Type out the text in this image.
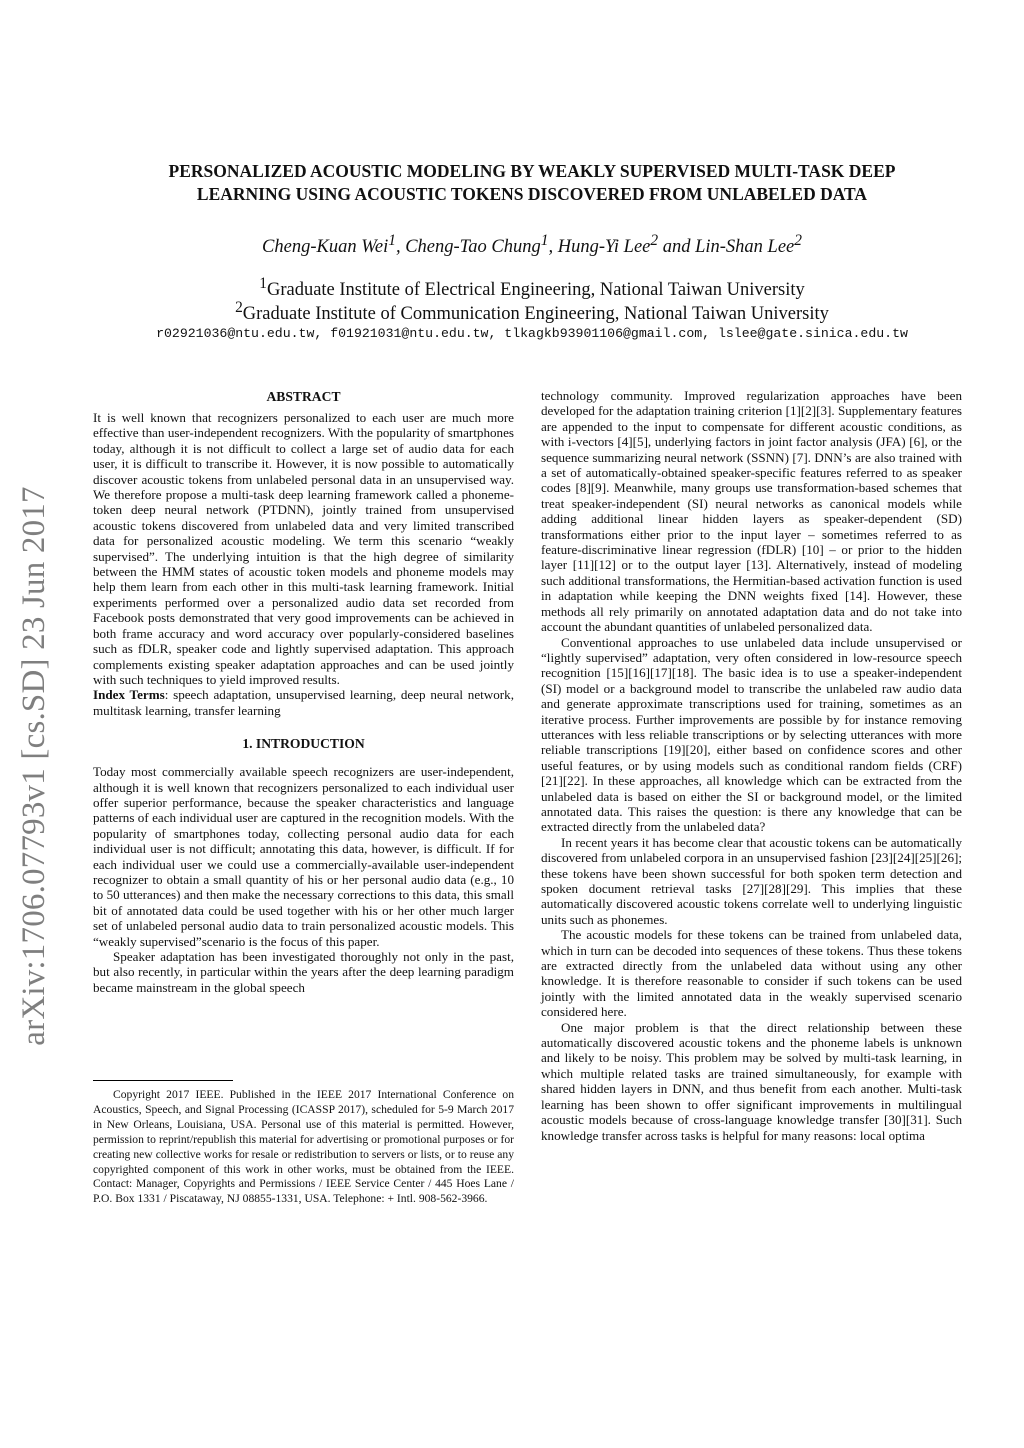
arXiv:1706.07793v1 [cs.SD] 23 Jun 2017
PERSONALIZED ACOUSTIC MODELING BY WEAKLY SUPERVISED MULTI-TASK DEEP
LEARNING USING ACOUSTIC TOKENS DISCOVERED FROM UNLABELED DATA
Cheng-Kuan Wei$^1$, Cheng-Tao Chung$^1$, Hung-Yi Lee$^2$ and Lin-Shan Lee$^2$
$^1$Graduate Institute of Electrical Engineering, National Taiwan University
$^2$Graduate Institute of Communication Engineering, National Taiwan University
r02921036@ntu.edu.tw, f01921031@ntu.edu.tw, tlkagkb93901106@gmail.com, lslee@gate.sinica.edu.tw
ABSTRACT

It is well known that recognizers personalized to each user are much more effective than user-independent recognizers. With the popularity of smartphones today, although it is not difficult to collect a large set of audio data for each user, it is difficult to transcribe it. However, it is now possible to automatically discover acoustic tokens from unlabeled personal data in an unsupervised way. We therefore propose a multi-task deep learning framework called a phoneme-token deep neural network (PTDNN), jointly trained from unsupervised acoustic tokens discovered from unlabeled data and very limited transcribed data for personalized acoustic modeling. We term this scenario “weakly supervised”. The underlying intuition is that the high degree of similarity between the HMM states of acoustic token models and phoneme models may help them learn from each other in this multi-task learning framework. Initial experiments performed over a personalized audio data set recorded from Facebook posts demonstrated that very good improvements can be achieved in both frame accuracy and word accuracy over popularly-considered baselines such as fDLR, speaker code and lightly supervised adaptation. This approach complements existing speaker adaptation approaches and can be used jointly with such techniques to yield improved results.

Index Terms: speech adaptation, unsupervised learning, deep neural network, multitask learning, transfer learning

1. INTRODUCTION

Today most commercially available speech recognizers are user-independent, although it is well known that recognizers personalized to each individual user offer superior performance, because the speaker characteristics and language patterns of each individual user are captured in the recognition models. With the popularity of smartphones today, collecting personal audio data for each individual user is not difficult; annotating this data, however, is difficult. If for each individual user we could use a commercially-available user-independent recognizer to obtain a small quantity of his or her personal audio data (e.g., 10 to 50 utterances) and then make the necessary corrections to this data, this small bit of annotated data could be used together with his or her other much larger set of unlabeled personal audio data to train personalized acoustic models. This “weakly supervised”scenario is the focus of this paper.

Speaker adaptation has been investigated thoroughly not only in the past, but also recently, in particular within the years after the deep learning paradigm became mainstream in the global speech

Copyright 2017 IEEE. Published in the IEEE 2017 International Conference on Acoustics, Speech, and Signal Processing (ICASSP 2017), scheduled for 5-9 March 2017 in New Orleans, Louisiana, USA. Personal use of this material is permitted. However, permission to reprint/republish this material for advertising or promotional purposes or for creating new collective works for resale or redistribution to servers or lists, or to reuse any copyrighted component of this work in other works, must be obtained from the IEEE. Contact: Manager, Copyrights and Permissions / IEEE Service Center / 445 Hoes Lane / P.O. Box 1331 / Piscataway, NJ 08855-1331, USA. Telephone: + Intl. 908-562-3966.

technology community. Improved regularization approaches have been developed for the adaptation training criterion [1][2][3]. Supplementary features are appended to the input to compensate for different acoustic conditions, as with i-vectors [4][5], underlying factors in joint factor analysis (JFA) [6], or the sequence summarizing neural network (SSNN) [7]. DNN’s are also trained with a set of automatically-obtained speaker-specific features referred to as speaker codes [8][9]. Meanwhile, many groups use transformation-based schemes that treat speaker-independent (SI) neural networks as canonical models while adding additional linear hidden layers as speaker-dependent (SD) transformations either prior to the input layer – sometimes referred to as feature-discriminative linear regression (fDLR) [10] – or prior to the hidden layer [11][12] or to the output layer [13]. Alternatively, instead of modeling such additional transformations, the Hermitian-based activation function is used in adaptation while keeping the DNN weights fixed [14]. However, these methods all rely primarily on annotated adaptation data and do not take into account the abundant quantities of unlabeled personalized data.

Conventional approaches to use unlabeled data include unsupervised or “lightly supervised” adaptation, very often considered in low-resource speech recognition [15][16][17][18]. The basic idea is to use a speaker-independent (SI) model or a background model to transcribe the unlabeled raw audio data and generate approximate transcriptions used for training, sometimes as an iterative process. Further improvements are possible by for instance removing utterances with less reliable transcriptions or by selecting utterances with more reliable transcriptions [19][20], either based on confidence scores and other useful features, or by using models such as conditional random fields (CRF) [21][22]. In these approaches, all knowledge which can be extracted from the unlabeled data is based on either the SI or background model, or the limited annotated data. This raises the question: is there any knowledge that can be extracted directly from the unlabeled data?

In recent years it has become clear that acoustic tokens can be automatically discovered from unlabeled corpora in an unsupervised fashion [23][24][25][26]; these tokens have been shown successful for both spoken term detection and spoken document retrieval tasks [27][28][29]. This implies that these automatically discovered acoustic tokens correlate well to underlying linguistic units such as phonemes.

The acoustic models for these tokens can be trained from unlabeled data, which in turn can be decoded into sequences of these tokens. Thus these tokens are extracted directly from the unlabeled data without using any other knowledge. It is therefore reasonable to consider if such tokens can be used jointly with the limited annotated data in the weakly supervised scenario considered here.

One major problem is that the direct relationship between these automatically discovered acoustic tokens and the phoneme labels is unknown and likely to be noisy. This problem may be solved by multi-task learning, in which multiple related tasks are trained simultaneously, for example with shared hidden layers in DNN, and thus benefit from each another. Multi-task learning has been shown to offer significant improvements in multilingual acoustic models because of cross-language knowledge transfer [30][31]. Such knowledge transfer across tasks is helpful for many reasons: local optima
